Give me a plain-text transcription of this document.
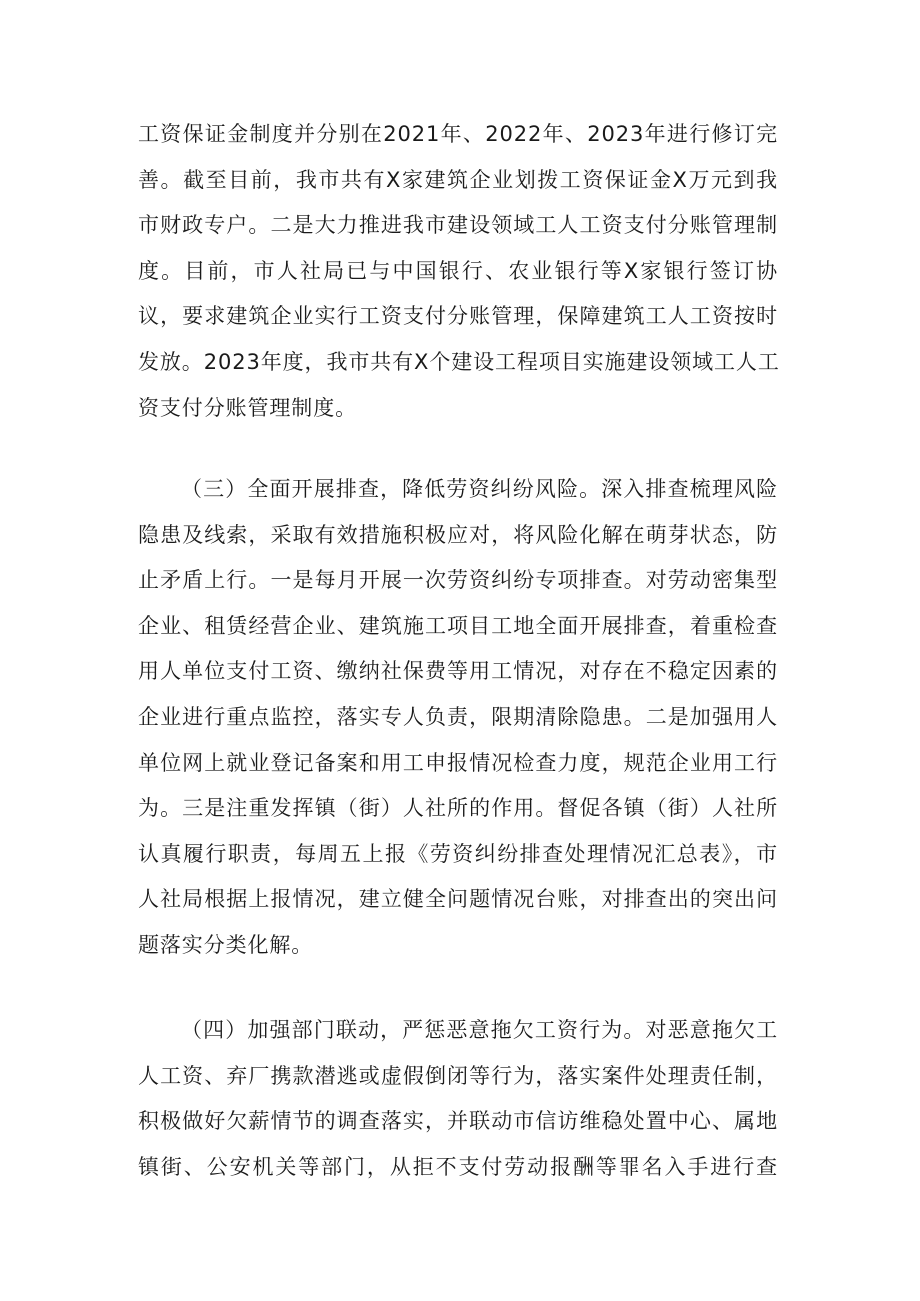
工资保证金制度并分别在2021年、2022年、2023年进行修订完
善。截至目前，我市共有X家建筑企业划拨工资保证金X万元到我
市财政专户。二是大力推进我市建设领域工人工资支付分账管理制
度。目前，市人社局已与中国银行、农业银行等X家银行签订协
议，要求建筑企业实行工资支付分账管理，保障建筑工人工资按时
发放。2023年度，我市共有X个建设工程项目实施建设领域工人工
资支付分账管理制度。
（三）全面开展排查，降低劳资纠纷风险。深入排查梳理风险
隐患及线索，采取有效措施积极应对，将风险化解在萌芽状态，防
止矛盾上行。一是每月开展一次劳资纠纷专项排查。对劳动密集型
企业、租赁经营企业、建筑施工项目工地全面开展排查，着重检查
用人单位支付工资、缴纳社保费等用工情况，对存在不稳定因素的
企业进行重点监控，落实专人负责，限期清除隐患。二是加强用人
单位网上就业登记备案和用工申报情况检查力度，规范企业用工行
为。三是注重发挥镇（街）人社所的作用。督促各镇（街）人社所
认真履行职责，每周五上报《劳资纠纷排查处理情况汇总表》，市
人社局根据上报情况，建立健全问题情况台账，对排查出的突出问
题落实分类化解。
（四）加强部门联动，严惩恶意拖欠工资行为。对恶意拖欠工
人工资、弃厂携款潜逃或虚假倒闭等行为，落实案件处理责任制，
积极做好欠薪情节的调查落实，并联动市信访维稳处置中心、属地
镇街、公安机关等部门，从拒不支付劳动报酬等罪名入手进行查
